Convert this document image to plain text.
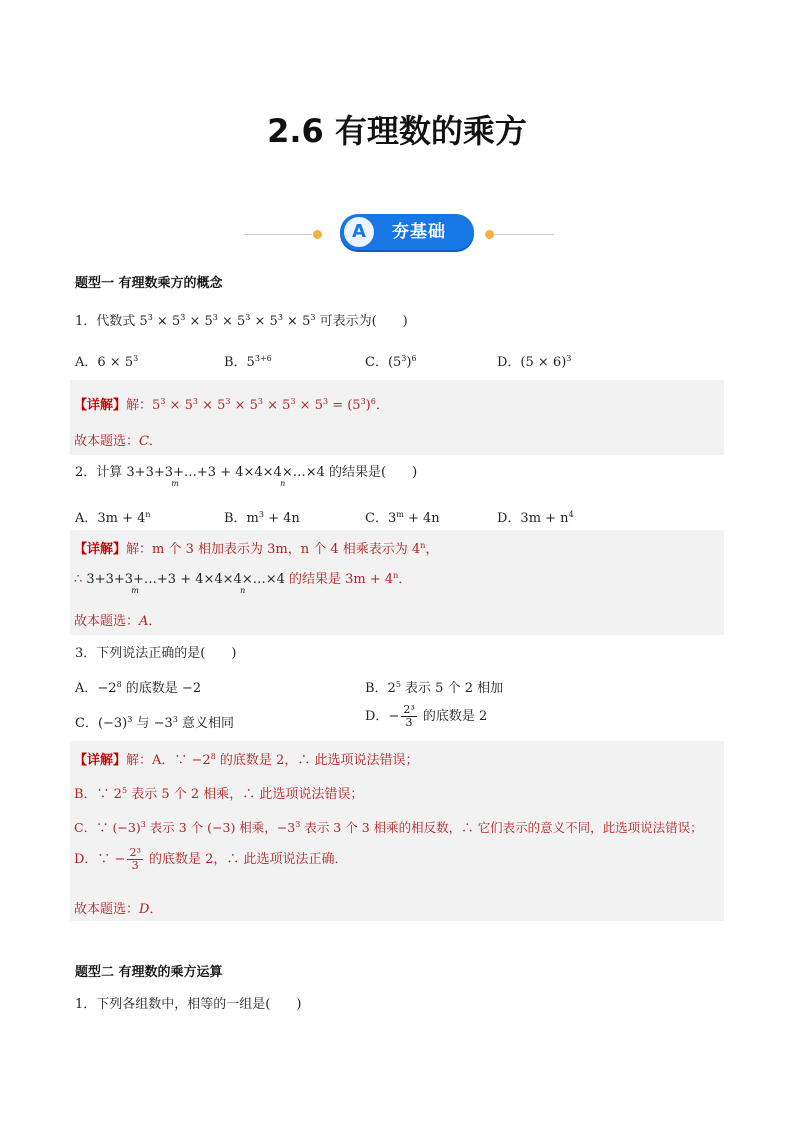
2.6 有理数的乘方
A	夯基础
题型一 有理数乘方的概念
1．代数式 $5^3 \times 5^3 \times 5^3 \times 5^3 \times 5^3 \times 5^3$ 可表示为(　　)
A．$6 \times 5^3$	B．$5^{3+6}$	C．$(5^3)^6$	D．$(5 \times 6)^3$
【详解】解：$5^3 \times 5^3 \times 5^3 \times 5^3 \times 5^3 \times 5^3 = (5^3)^6$．
故本题选：C．
2．计算 3+3+3+…+3
m
+ 4×4×4×…×4
n
的结果是(　　)
A．$3m + 4^n$	B．$m^3 + 4n$	C．$3^m + 4n$	D．$3m + n^4$
【详解】解：m 个 3 相加表示为 3m，n 个 4 相乘表示为 4$^n$，
∴ 3+3+3+…+3
m
+ 4×4×4×…×4
n
的结果是 $3m + 4^n$．
故本题选：A．
3．下列说法正确的是(　　)
A．$-2^8$ 的底数是 −2	B．$2^5$ 表示 5 个 2 相加
C．$(-3)^3$ 与 $-3^3$ 意义相同	D．− $\frac{\text{2³}}{3}$ 的底数是 2
【详解】解：A．∵ $-2^8$ 的底数是 2，∴ 此选项说法错误；
B．∵ $2^5$ 表示 5 个 2 相乘，∴ 此选项说法错误；
C．∵ $(-3)^3$ 表示 3 个 (−3) 相乘，$-3^3$ 表示 3 个 3 相乘的相反数，∴ 它们表示的意义不同，此选项说法错误；
D．∵ − $\frac{\text{2³}}{3}$ 的底数是 2，∴ 此选项说法正确．
故本题选：D．
题型二 有理数的乘方运算
1．下列各组数中，相等的一组是(　　)
